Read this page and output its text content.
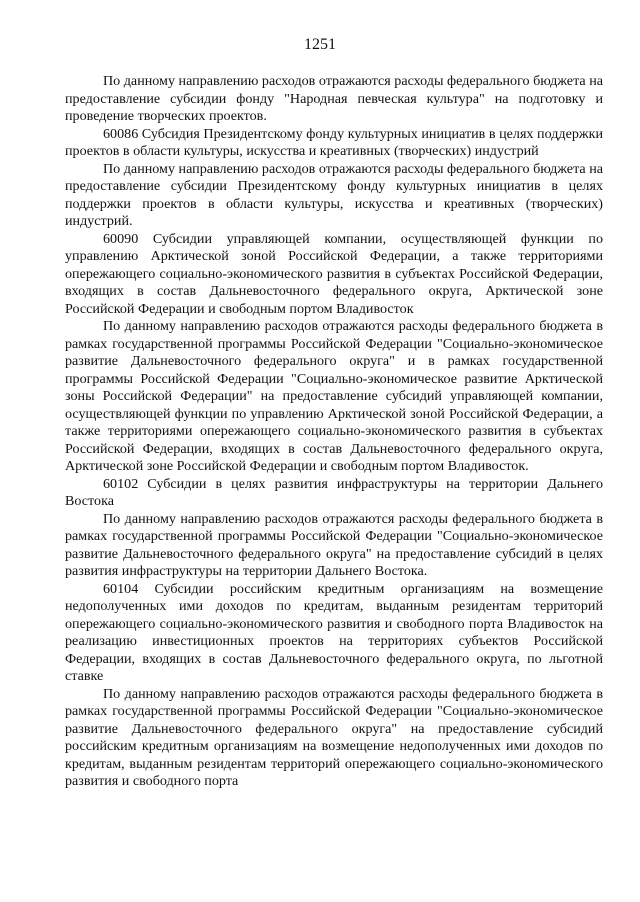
1251

По данному направлению расходов отражаются расходы федерального бюджета на предоставление субсидии фонду "Народная певческая культура" на подготовку и проведение творческих проектов.

60086 Субсидия Президентскому фонду культурных инициатив в целях поддержки проектов в области культуры, искусства и креативных (творческих) индустрий

По данному направлению расходов отражаются расходы федерального бюджета на предоставление субсидии Президентскому фонду культурных инициатив в целях поддержки проектов в области культуры, искусства и креативных (творческих) индустрий.

60090 Субсидии управляющей компании, осуществляющей функции по управлению Арктической зоной Российской Федерации, а также территориями опережающего социально-экономического развития в субъектах Российской Федерации, входящих в состав Дальневосточного федерального округа, Арктической зоне Российской Федерации и свободным портом Владивосток

По данному направлению расходов отражаются расходы федерального бюджета в рамках государственной программы Российской Федерации "Социально-экономическое развитие Дальневосточного федерального округа" и в рамках государственной программы Российской Федерации "Социально-экономическое развитие Арктической зоны Российской Федерации" на предоставление субсидий управляющей компании, осуществляющей функции по управлению Арктической зоной Российской Федерации, а также территориями опережающего социально-экономического развития в субъектах Российской Федерации, входящих в состав Дальневосточного федерального округа, Арктической зоне Российской Федерации и свободным портом Владивосток.

60102 Субсидии в целях развития инфраструктуры на территории Дальнего Востока

По данному направлению расходов отражаются расходы федерального бюджета в рамках государственной программы Российской Федерации "Социально-экономическое развитие Дальневосточного федерального округа" на предоставление субсидий в целях развития инфраструктуры на территории Дальнего Востока.

60104 Субсидии российским кредитным организациям на возмещение недополученных ими доходов по кредитам, выданным резидентам территорий опережающего социально-экономического развития и свободного порта Владивосток на реализацию инвестиционных проектов на территориях субъектов Российской Федерации, входящих в состав Дальневосточного федерального округа, по льготной ставке

По данному направлению расходов отражаются расходы федерального бюджета в рамках государственной программы Российской Федерации "Социально-экономическое развитие Дальневосточного федерального округа" на предоставление субсидий российским кредитным организациям на возмещение недополученных ими доходов по кредитам, выданным резидентам территорий опережающего социально-экономического развития и свободного порта
